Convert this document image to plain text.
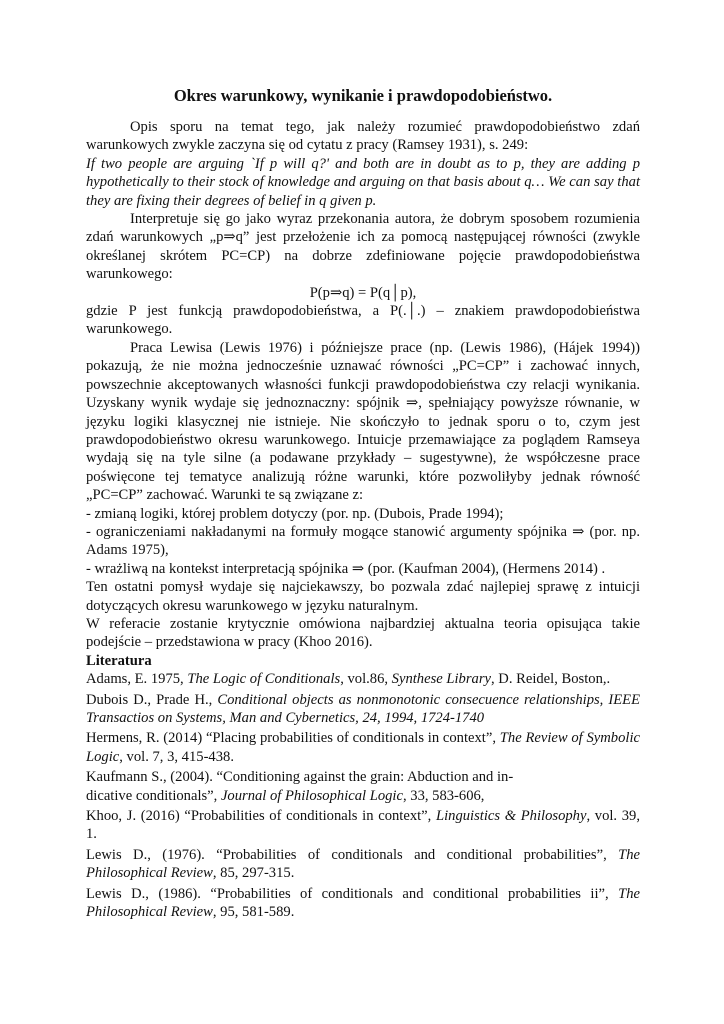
Okres warunkowy, wynikanie i prawdopodobieństwo.

Opis sporu na temat tego, jak należy rozumieć prawdopodobieństwo zdań warunkowych zwykle zaczyna się od cytatu z pracy (Ramsey 1931), s. 249:

If two people are arguing `If p will q?' and both are in doubt as to p, they are adding p hypothetically to their stock of knowledge and arguing on that basis about q… We can say that they are fixing their degrees of belief in q given p.

Interpretuje się go jako wyraz przekonania autora, że dobrym sposobem rozumienia zdań warunkowych „p⇒q” jest przełożenie ich za pomocą następującej równości (zwykle określanej skrótem PC=CP) na dobrze zdefiniowane pojęcie prawdopodobieństwa warunkowego:

P(p⇒q) = P(q│p),

gdzie P jest funkcją prawdopodobieństwa, a P(.│.) – znakiem prawdopodobieństwa warunkowego.

Praca Lewisa (Lewis 1976) i późniejsze prace (np. (Lewis 1986), (Hájek 1994)) pokazują, że nie można jednocześnie uznawać równości „PC=CP” i zachować innych, powszechnie akceptowanych własności funkcji prawdopodobieństwa czy relacji wynikania. Uzyskany wynik wydaje się jednoznaczny: spójnik ⇒, spełniający powyższe równanie, w języku logiki klasycznej nie istnieje. Nie skończyło to jednak sporu o to, czym jest prawdopodobieństwo okresu warunkowego. Intuicje przemawiające za poglądem Ramseya wydają się na tyle silne (a podawane przykłady – sugestywne), że współczesne prace poświęcone tej tematyce analizują różne warunki, które pozwoliłyby jednak równość „PC=CP” zachować. Warunki te są związane z:

- zmianą logiki, której problem dotyczy (por. np. (Dubois, Prade 1994);

- ograniczeniami nakładanymi na formuły mogące stanowić argumenty spójnika ⇒ (por. np. Adams 1975),

- wrażliwą na kontekst interpretacją spójnika ⇒ (por. (Kaufman 2004), (Hermens 2014) .

Ten ostatni pomysł wydaje się najciekawszy, bo pozwala zdać najlepiej sprawę z intuicji dotyczących okresu warunkowego w języku naturalnym.

W referacie zostanie krytycznie omówiona najbardziej aktualna teoria opisująca takie podejście – przedstawiona w pracy (Khoo 2016).

Literatura

Adams, E. 1975, The Logic of Conditionals, vol.86, Synthese Library, D. Reidel, Boston,.

Dubois D., Prade H., Conditional objects as nonmonotonic consecuence relationships, IEEE Transactios on Systems, Man and Cybernetics, 24, 1994, 1724-1740

Hermens, R. (2014) “Placing probabilities of conditionals in context”, The Review of Symbolic Logic, vol. 7, 3, 415-438.

Kaufmann S., (2004). “Conditioning against the grain: Abduction and in-
dicative conditionals”, Journal of Philosophical Logic, 33, 583-606,

Khoo, J. (2016) “Probabilities of conditionals in context”, Linguistics & Philosophy, vol. 39, 1.

Lewis D., (1976). “Probabilities of conditionals and conditional probabilities”, The Philosophical Review, 85, 297-315.

Lewis D., (1986). “Probabilities of conditionals and conditional probabilities ii”, The Philosophical Review, 95, 581-589.
